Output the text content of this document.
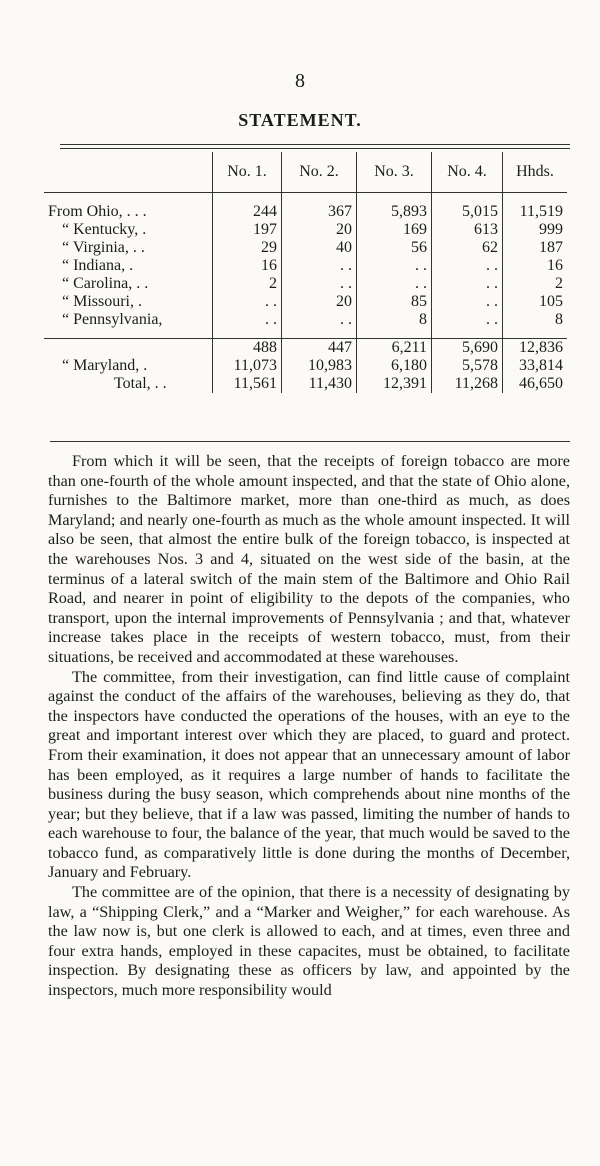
8
STATEMENT.
	No. 1.	No. 2.	No. 3.	No. 4.	Hhds.

From Ohio, . . .	244	367	5,893	5,015	11,519
“ Kentucky, .	197	20	169	613	999
“ Virginia, . .	29	40	56	62	187
“ Indiana, .	16	. .	. .	. .	16
“ Carolina, . .	2	. .	. .	. .	2
“ Missouri, .	. .	20	85	. .	105
“ Pennsylvania,	. .	. .	8	. .	8

	488	447	6,211	5,690	12,836
“ Maryland, .	11,073	10,983	6,180	5,578	33,814
Total, . .	11,561	11,430	12,391	11,268	46,650

From which it will be seen, that the receipts of foreign tobacco are more than one-fourth of the whole amount inspected, and that the state of Ohio alone, furnishes to the Baltimore market, more than one-third as much, as does Maryland; and nearly one-fourth as much as the whole amount inspected. It will also be seen, that almost the entire bulk of the foreign tobacco, is inspected at the warehouses Nos. 3 and 4, situated on the west side of the basin, at the terminus of a lateral switch of the main stem of the Baltimore and Ohio Rail Road, and nearer in point of eligibility to the depots of the companies, who transport, upon the internal improvements of Pennsylvania ; and that, whatever increase takes place in the receipts of western tobacco, must, from their situations, be received and accommodated at these warehouses.

The committee, from their investigation, can find little cause of complaint against the conduct of the affairs of the warehouses, believing as they do, that the inspectors have conducted the operations of the houses, with an eye to the great and important interest over which they are placed, to guard and protect. From their examination, it does not appear that an unnecessary amount of labor has been employed, as it requires a large number of hands to facilitate the business during the busy season, which comprehends about nine months of the year; but they believe, that if a law was passed, limiting the number of hands to each warehouse to four, the balance of the year, that much would be saved to the tobacco fund, as comparatively little is done during the months of December, January and February.

The committee are of the opinion, that there is a necessity of designating by law, a “Shipping Clerk,” and a “Marker and Weigher,” for each warehouse. As the law now is, but one clerk is allowed to each, and at times, even three and four extra hands, employed in these capacites, must be obtained, to facilitate inspection. By designating these as officers by law, and appointed by the inspectors, much more responsibility would
